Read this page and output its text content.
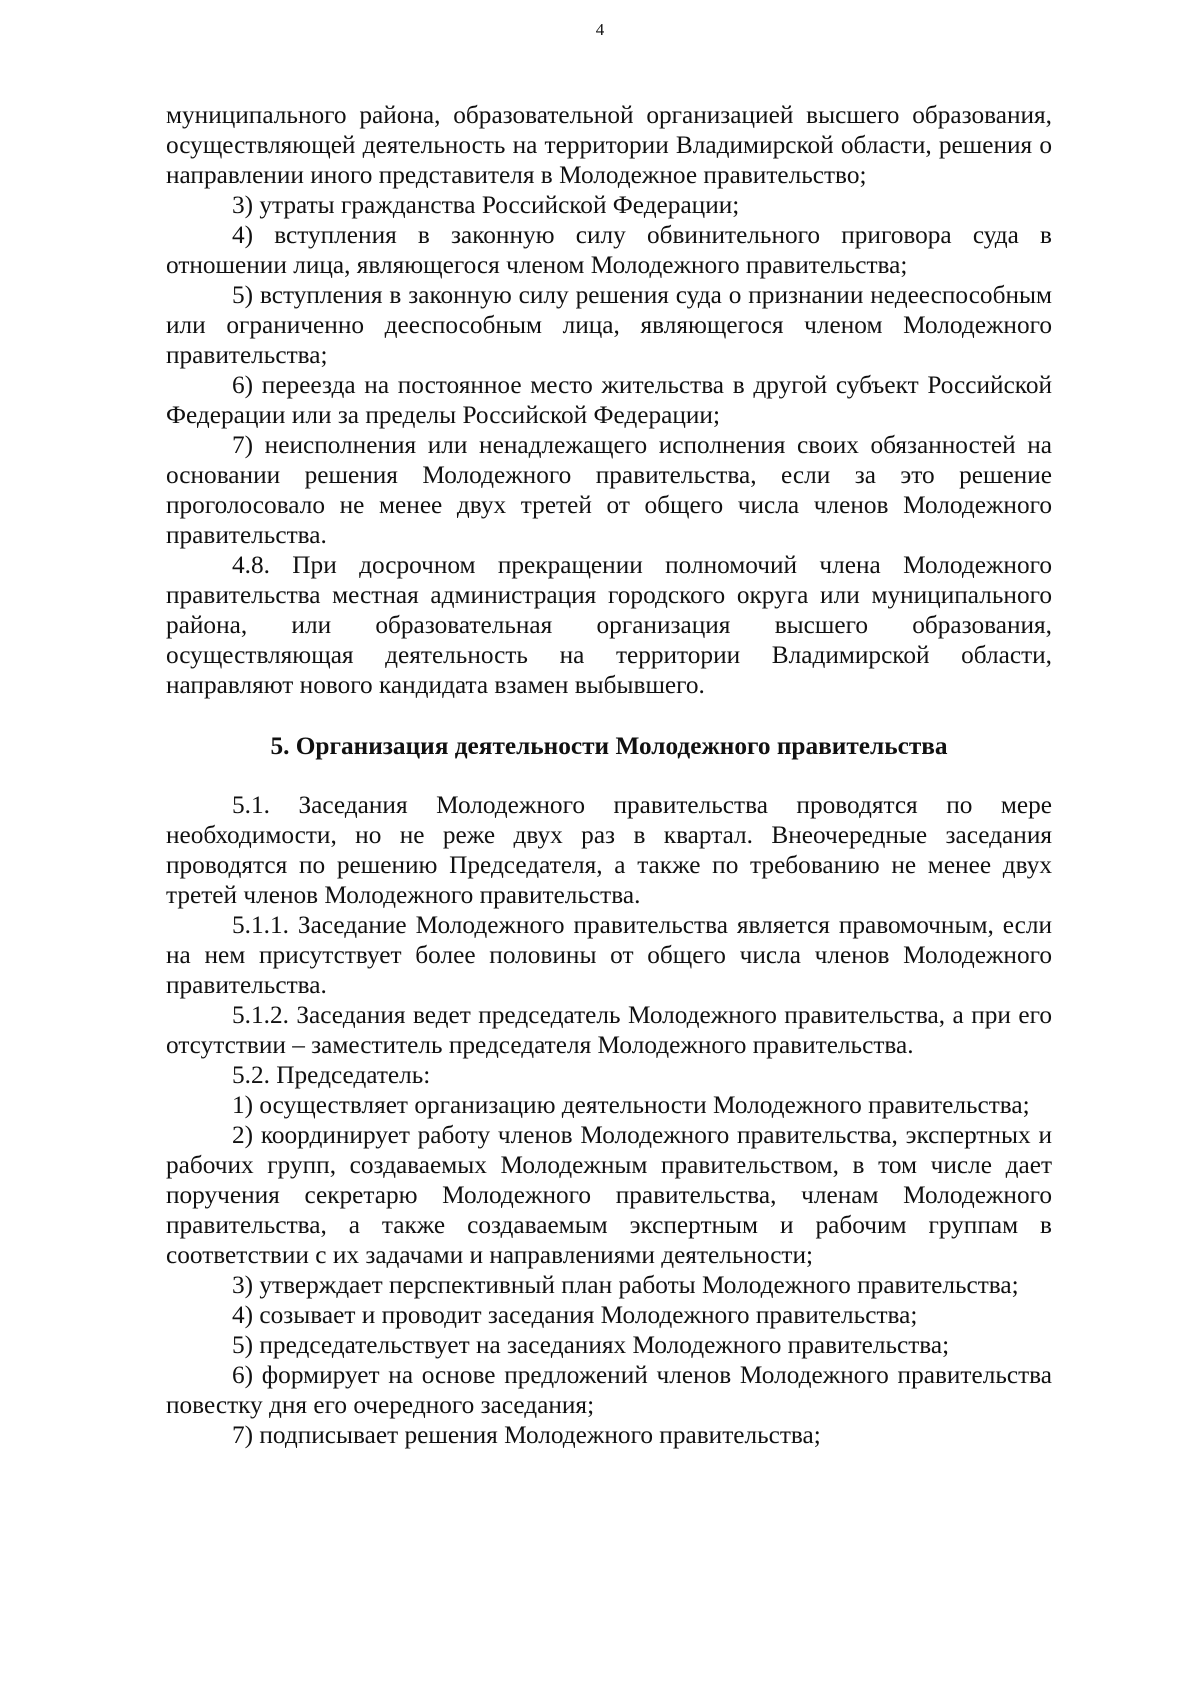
4

муниципального района, образовательной организацией высшего образования, осуществляющей деятельность на территории Владимирской области, решения о направлении иного представителя в Молодежное правительство;

3) утраты гражданства Российской Федерации;

4) вступления в законную силу обвинительного приговора суда в отношении лица, являющегося членом Молодежного правительства;

5) вступления в законную силу решения суда о признании недееспособным или ограниченно дееспособным лица, являющегося членом Молодежного правительства;

6) переезда на постоянное место жительства в другой субъект Российской Федерации или за пределы Российской Федерации;

7) неисполнения или ненадлежащего исполнения своих обязанностей на основании решения Молодежного правительства, если за это решение проголосовало не менее двух третей от общего числа членов Молодежного правительства.

4.8. При досрочном прекращении полномочий члена Молодежного правительства местная администрация городского округа или муниципального района, или образовательная организация высшего образования, осуществляющая деятельность на территории Владимирской области, направляют нового кандидата взамен выбывшего.

5. Организация деятельности Молодежного правительства

5.1. Заседания Молодежного правительства проводятся по мере необходимости, но не реже двух раз в квартал. Внеочередные заседания проводятся по решению Председателя, а также по требованию не менее двух третей членов Молодежного правительства.

5.1.1. Заседание Молодежного правительства является правомочным, если на нем присутствует более половины от общего числа членов Молодежного правительства.

5.1.2. Заседания ведет председатель Молодежного правительства, а при его отсутствии – заместитель председателя Молодежного правительства.

5.2. Председатель:

1) осуществляет организацию деятельности Молодежного правительства;

2) координирует работу членов Молодежного правительства, экспертных и рабочих групп, создаваемых Молодежным правительством, в том числе дает поручения секретарю Молодежного правительства, членам Молодежного правительства, а также создаваемым экспертным и рабочим группам в соответствии с их задачами и направлениями деятельности;

3) утверждает перспективный план работы Молодежного правительства;

4) созывает и проводит заседания Молодежного правительства;

5) председательствует на заседаниях Молодежного правительства;

6) формирует на основе предложений членов Молодежного правительства повестку дня его очередного заседания;

7) подписывает решения Молодежного правительства;
